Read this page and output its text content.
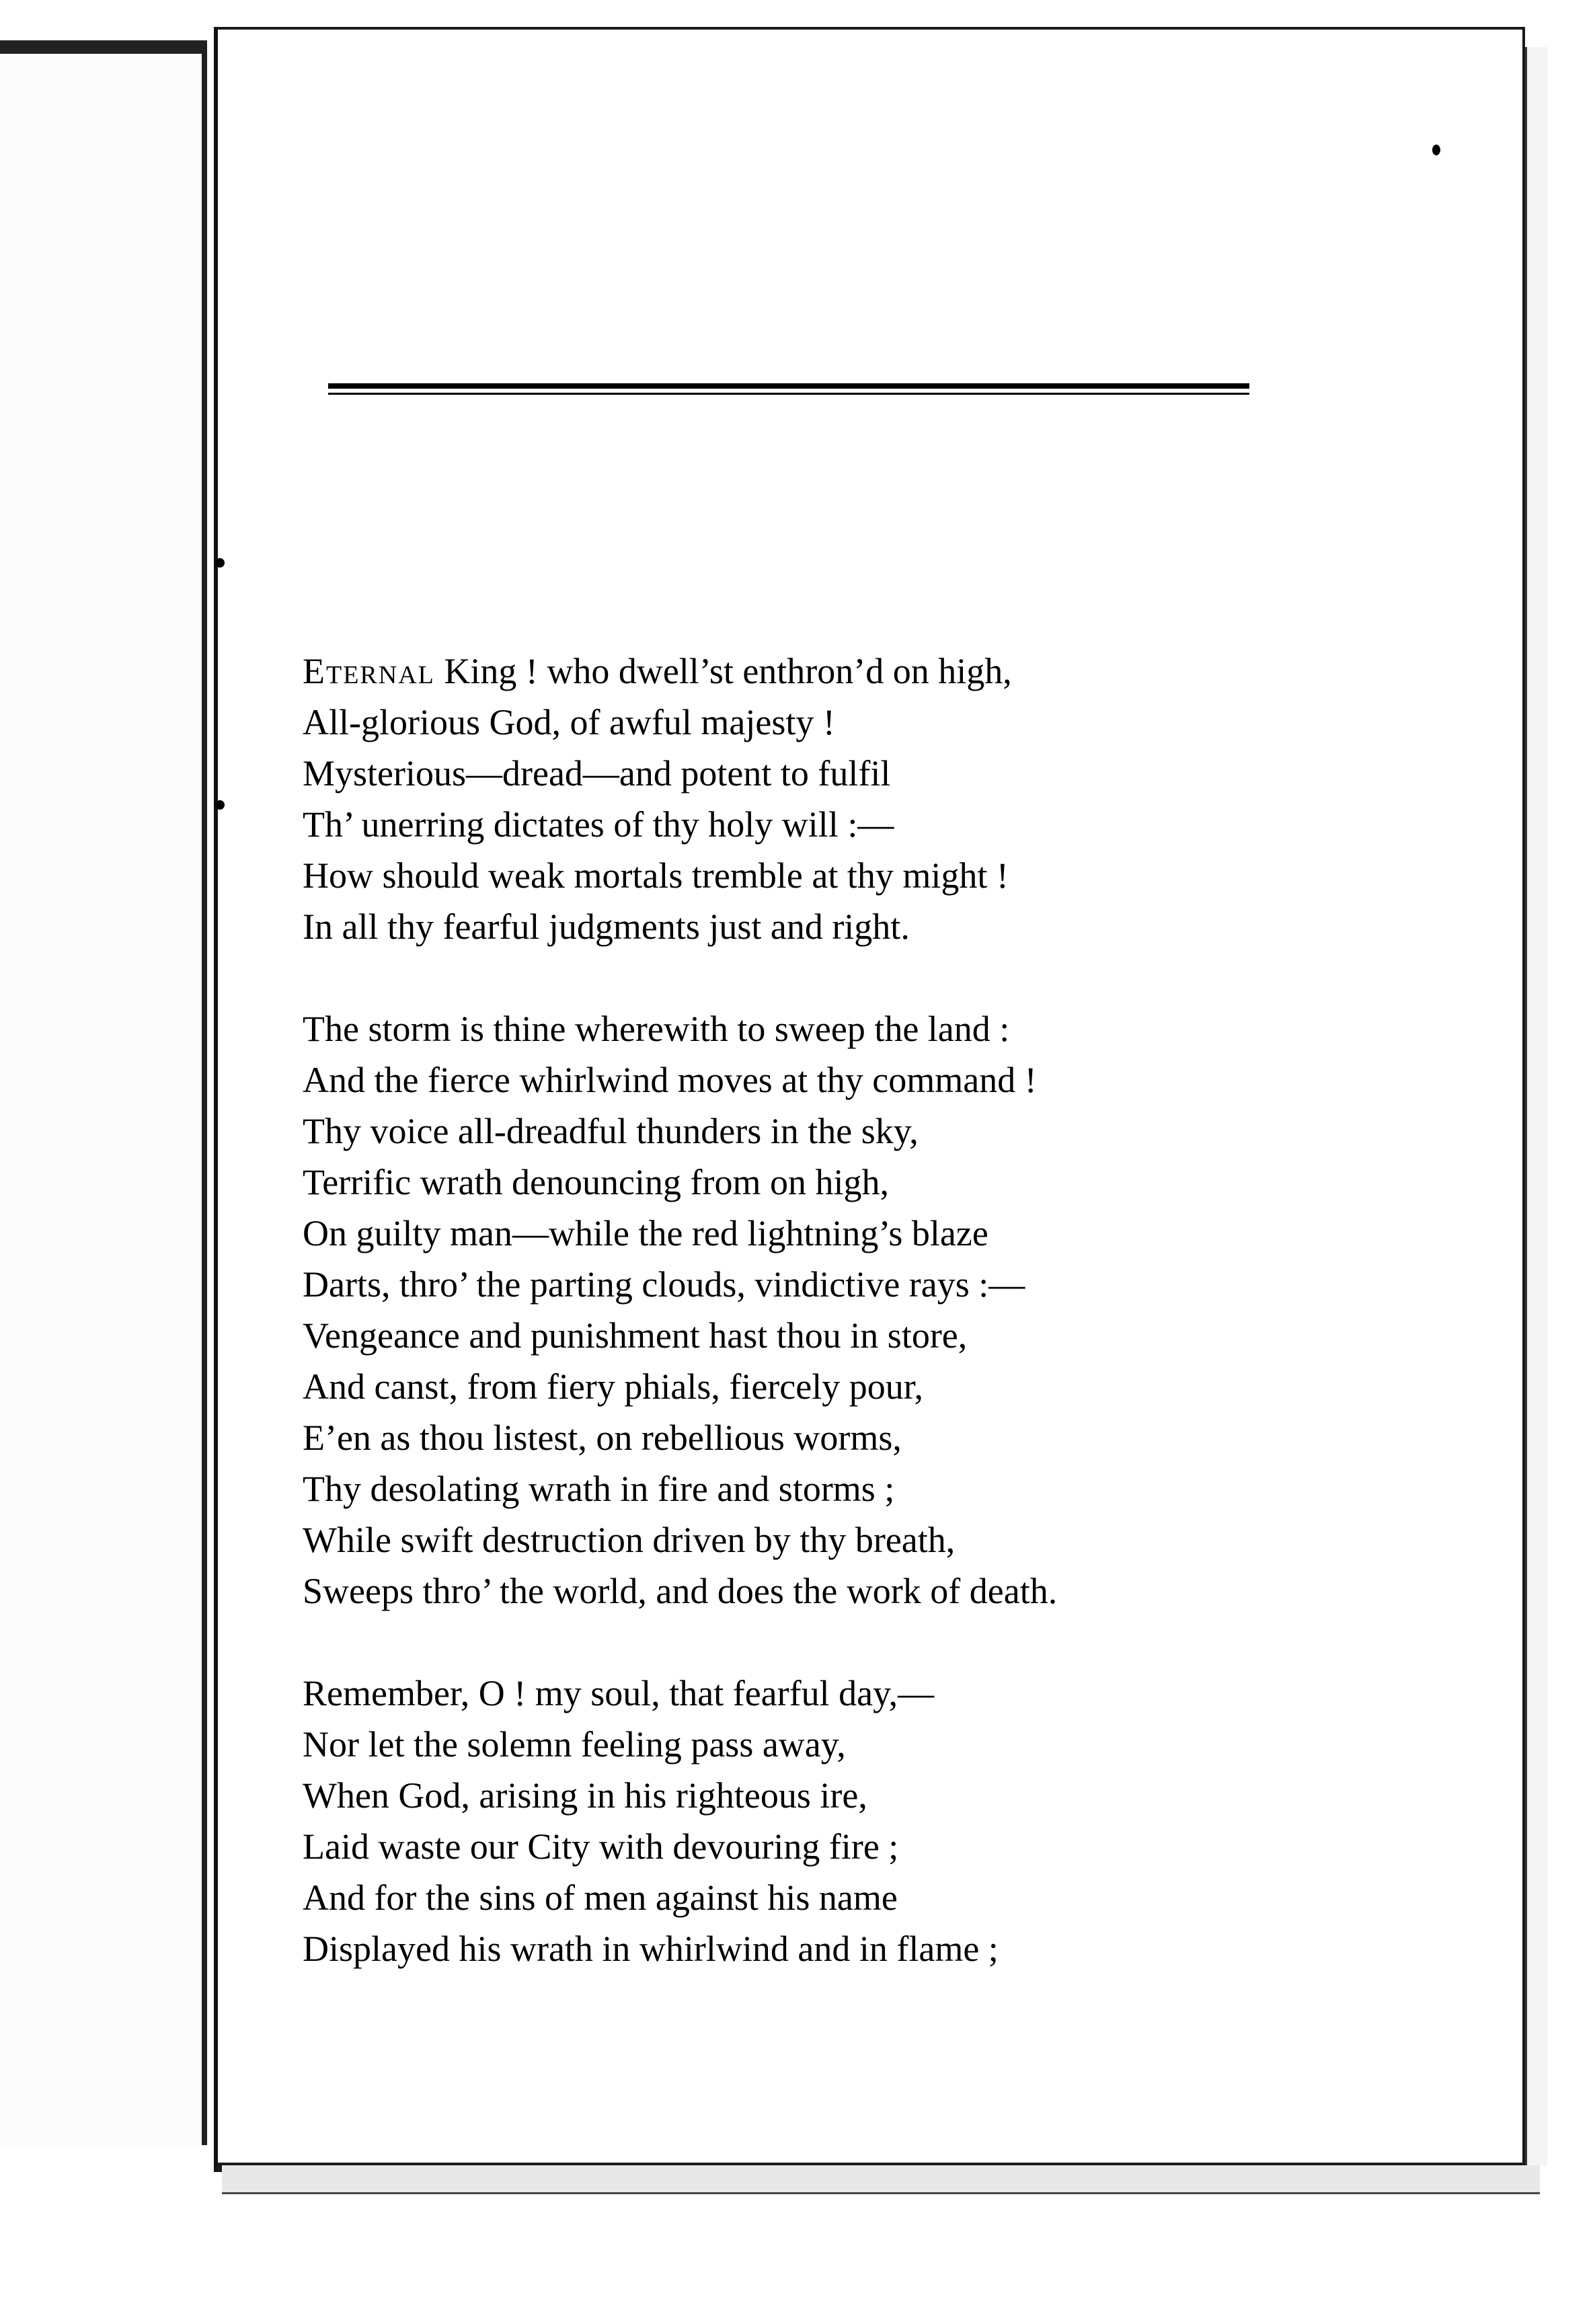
Eternal King ! who dwell’st enthron’d on high,
All-glorious God, of awful majesty !
Mysterious—dread—and potent to fulfil
Th’ unerring dictates of thy holy will :—
How should weak mortals tremble at thy might !
In all thy fearful judgments just and right.
The storm is thine wherewith to sweep the land :
And the fierce whirlwind moves at thy command !
Thy voice all-dreadful thunders in the sky,
Terrific wrath denouncing from on high,
On guilty man—while the red lightning’s blaze
Darts, thro’ the parting clouds, vindictive rays :—
Vengeance and punishment hast thou in store,
And canst, from fiery phials, fiercely pour,
E’en as thou listest, on rebellious worms,
Thy desolating wrath in fire and storms ;
While swift destruction driven by thy breath,
Sweeps thro’ the world, and does the work of death.
Remember, O ! my soul, that fearful day,—
Nor let the solemn feeling pass away,
When God, arising in his righteous ire,
Laid waste our City with devouring fire ;
And for the sins of men against his name
Displayed his wrath in whirlwind and in flame ;
